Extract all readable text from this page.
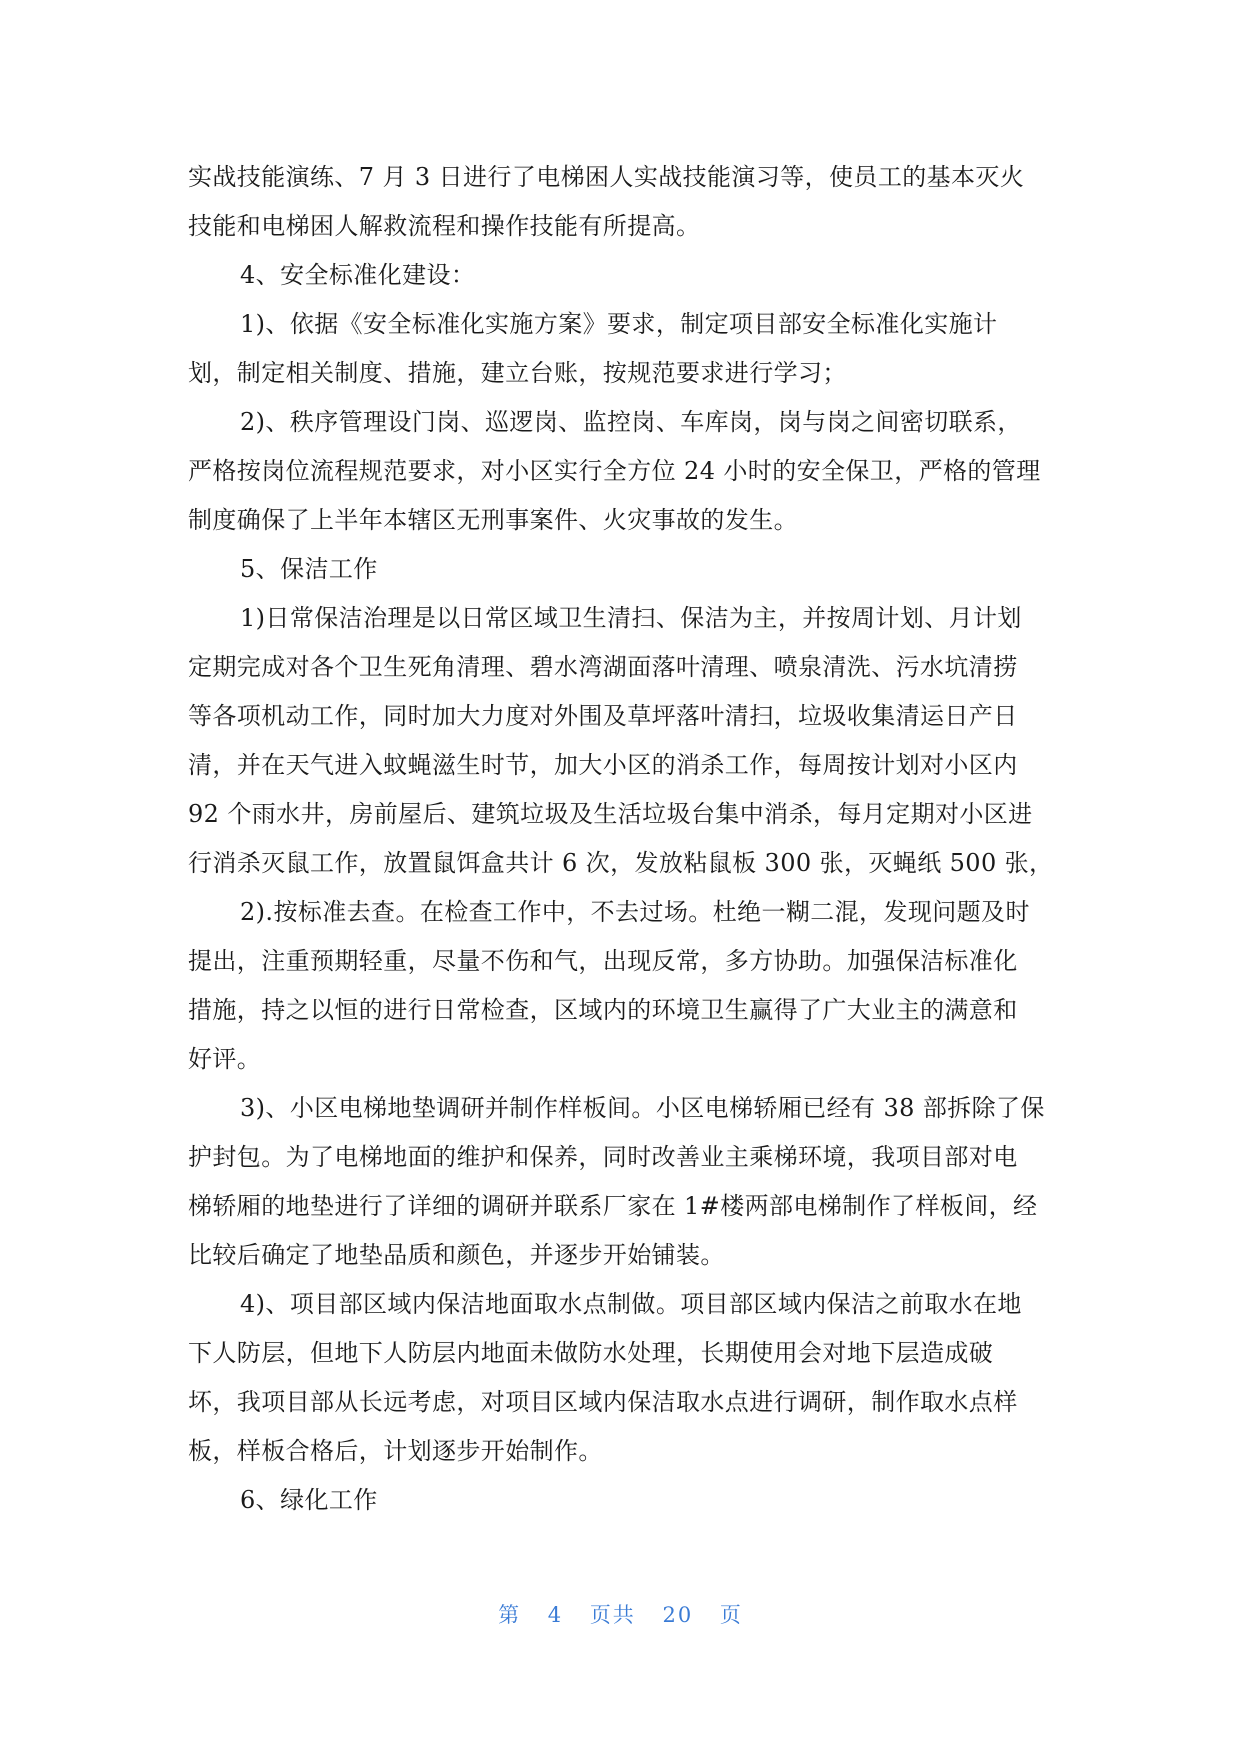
实战技能演练、7 月 3 日进行了电梯困人实战技能演习等，使员工的基本灭火
技能和电梯困人解救流程和操作技能有所提高。
4、安全标准化建设：
1)、依据《安全标准化实施方案》要求，制定项目部安全标准化实施计
划，制定相关制度、措施，建立台账，按规范要求进行学习；
2)、秩序管理设门岗、巡逻岗、监控岗、车库岗，岗与岗之间密切联系，
严格按岗位流程规范要求，对小区实行全方位 24 小时的安全保卫，严格的管理
制度确保了上半年本辖区无刑事案件、火灾事故的发生。
5、保洁工作
1)日常保洁治理是以日常区域卫生清扫、保洁为主，并按周计划、月计划
定期完成对各个卫生死角清理、碧水湾湖面落叶清理、喷泉清洗、污水坑清捞
等各项机动工作，同时加大力度对外围及草坪落叶清扫，垃圾收集清运日产日
清，并在天气进入蚊蝇滋生时节，加大小区的消杀工作，每周按计划对小区内
92 个雨水井，房前屋后、建筑垃圾及生活垃圾台集中消杀，每月定期对小区进
行消杀灭鼠工作，放置鼠饵盒共计 6 次，发放粘鼠板 300 张，灭蝇纸 500 张，
2).按标准去查。在检查工作中，不去过场。杜绝一糊二混，发现问题及时
提出，注重预期轻重，尽量不伤和气，出现反常，多方协助。加强保洁标准化
措施，持之以恒的进行日常检查，区域内的环境卫生赢得了广大业主的满意和
好评。
3)、小区电梯地垫调研并制作样板间。小区电梯轿厢已经有 38 部拆除了保
护封包。为了电梯地面的维护和保养，同时改善业主乘梯环境，我项目部对电
梯轿厢的地垫进行了详细的调研并联系厂家在 1#楼两部电梯制作了样板间，经
比较后确定了地垫品质和颜色，并逐步开始铺装。
4)、项目部区域内保洁地面取水点制做。项目部区域内保洁之前取水在地
下人防层，但地下人防层内地面未做防水处理，长期使用会对地下层造成破
坏，我项目部从长远考虑，对项目区域内保洁取水点进行调研，制作取水点样
板，样板合格后，计划逐步开始制作。
6、绿化工作
第 4 页共 20 页
